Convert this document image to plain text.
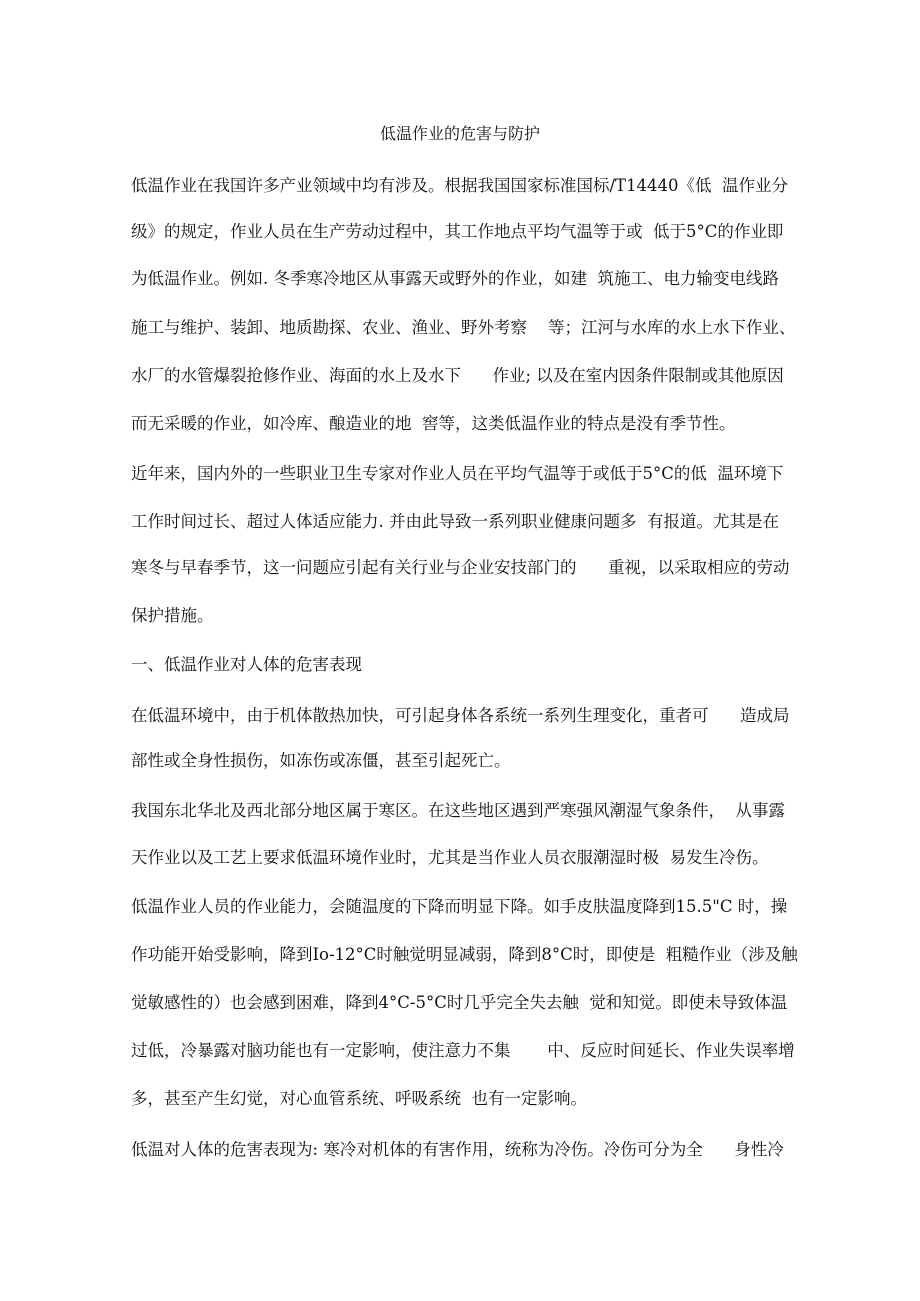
低温作业的危害与防护
低温作业在我国许多产业领域中均有涉及。根据我国国家标准国标/T14440《低  温作业分
级》的规定，作业人员在生产劳动过程中，其工作地点平均气温等于或  低于5°C的作业即
为低温作业。例如. 冬季寒冷地区从事露天或野外的作业，如建  筑施工、电力输变电线路
施工与维护、装卸、地质勘探、农业、渔业、野外考察    等；江河与水库的水上水下作业、
水厂的水管爆裂抢修作业、海面的水上及水下      作业; 以及在室内因条件限制或其他原因
而无采暖的作业，如冷库、酿造业的地  窖等，这类低温作业的特点是没有季节性。
近年来，国内外的一些职业卫生专家对作业人员在平均气温等于或低于5°C的低  温环境下
工作时间过长、超过人体适应能力. 并由此导致一系列职业健康问题多  有报道。尤其是在
寒冬与早春季节，这一问题应引起有关行业与企业安技部门的      重视，以采取相应的劳动
保护措施。
一、低温作业对人体的危害表现
在低温环境中，由于机体散热加快，可引起身体各系统一系列生理变化，重者可      造成局
部性或全身性损伤，如冻伤或冻僵，甚至引起死亡。
我国东北华北及西北部分地区属于寒区。在这些地区遇到严寒强风潮湿气象条件，  从事露
天作业以及工艺上要求低温环境作业时，尤其是当作业人员衣服潮湿时极  易发生冷伤。
低温作业人员的作业能力，会随温度的下降而明显下降。如手皮肤温度降到15.5"C 时，操
作功能开始受影响，降到Io-12°C时触觉明显减弱，降到8°C时，即使是  粗糙作业（涉及触
觉敏感性的）也会感到困难，降到4°C-5°C时几乎完全失去触  觉和知觉。即使未导致体温
过低，冷暴露对脑功能也有一定影响，使注意力不集       中、反应时间延长、作业失误率增
多，甚至产生幻觉，对心血管系统、呼吸系统  也有一定影响。
低温对人体的危害表现为: 寒冷对机体的有害作用，统称为冷伤。冷伤可分为全      身性冷
